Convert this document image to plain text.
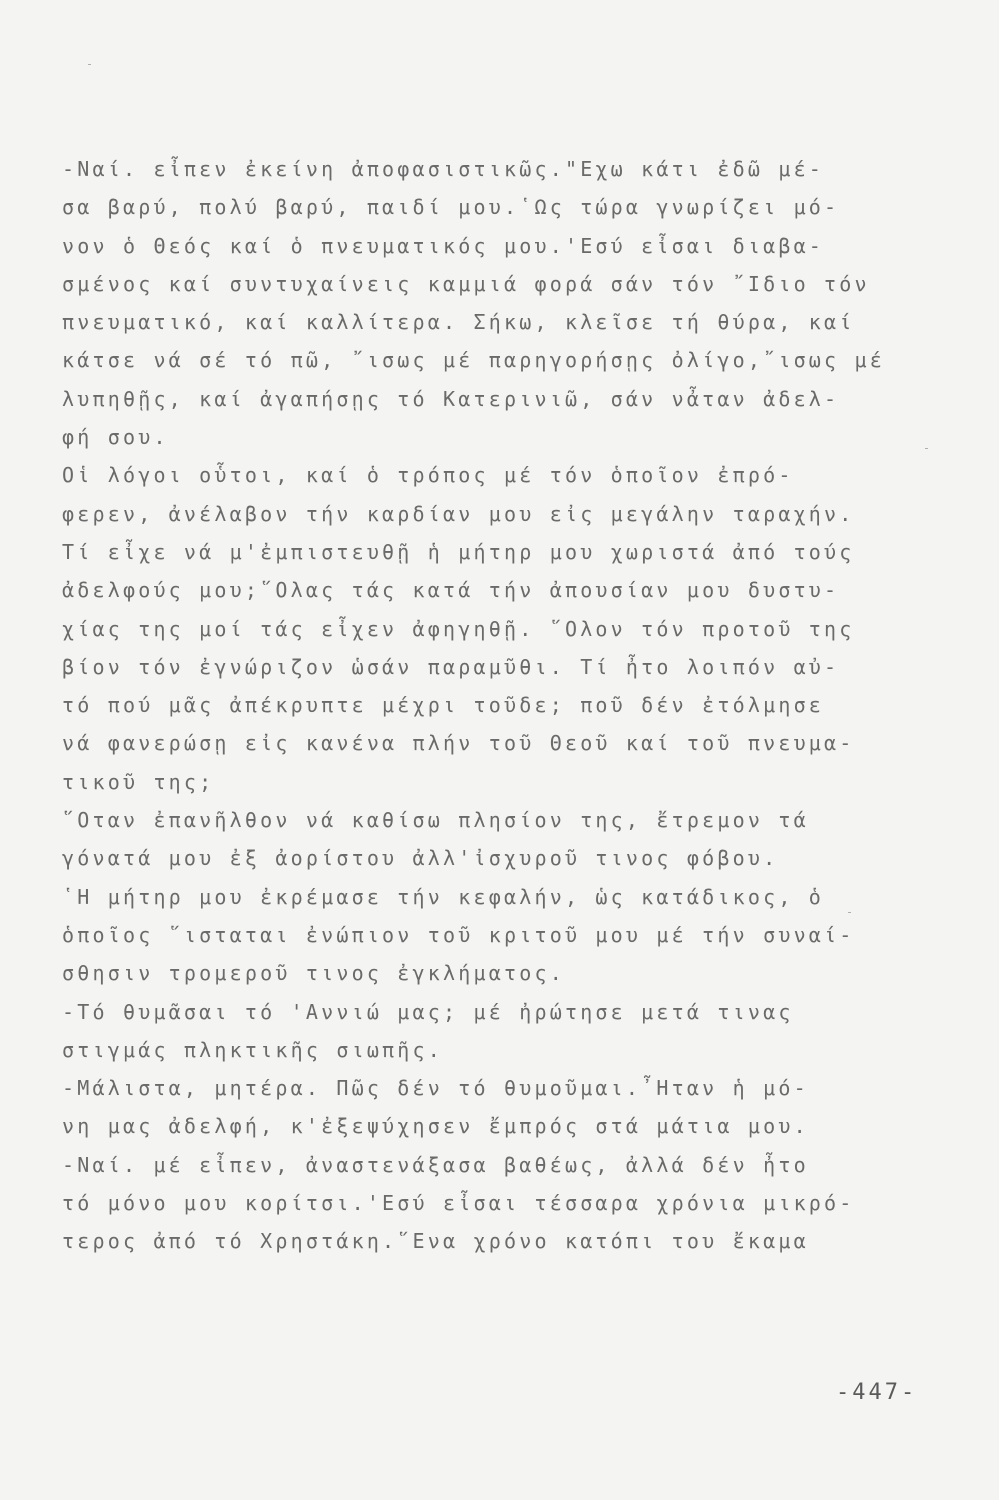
-Ναί. εἶπεν ἐκείνη ἀποφασιστικῶς."Εχω κάτι ἐδῶ μέ-
σα βαρύ, πολύ βαρύ, παιδί μου.῾Ως τώρα γνωρίζει μό-
νον ὁ Θεός καί ὁ πνευματικός μου.'Εσύ εἶσαι διαβα-
σμένος καί συντυχαίνεις καμμιά φορά σάν τόν ῎Ιδιο τόν
πνευματικό, καί καλλίτερα. Σήκω, κλεῖσε τή θύρα, καί
κάτσε νά σέ τό πῶ, ῎ισως μέ παρηγορήσῃς ὀλίγο,῎ισως μέ
λυπηθῇς, καί ἀγαπήσῃς τό Κατερινιῶ, σάν νἆταν ἀδελ-
φή σου.
Οἱ λόγοι οὗτοι, καί ὁ τρόπος μέ τόν ὁποῖον ἐπρό-
φερεν, ἀνέλαβον τήν καρδίαν μου εἰς μεγάλην ταραχήν.
Τί εἶχε νά μ'ἐμπιστευθῇ ἡ μήτηρ μου χωριστά ἀπό τούς
ἀδελφούς μου;῞Ολας τάς κατά τήν ἀπουσίαν μου δυστυ-
χίας της μοί τάς εἶχεν ἀφηγηθῇ. ῞Ολον τόν προτοῦ της
βίον τόν ἐγνώριζον ὡσάν παραμῦθι. Τί ἦτο λοιπόν αὐ-
τό πού μᾶς ἀπέκρυπτε μέχρι τοῦδε; ποῦ δέν ἐτόλμησε
νά φανερώσῃ εἰς κανένα πλήν τοῦ Θεοῦ καί τοῦ πνευμα-
τικοῦ της;
῞Οταν ἐπανῆλθον νά καθίσω πλησίον της, ἔτρεμον τά
γόνατά μου ἐξ ἀορίστου ἀλλ'ἰσχυροῦ τινος φόβου.
῾Η μήτηρ μου ἐκρέμασε τήν κεφαλήν, ὡς κατάδικος, ὁ
ὁποῖος ῞ισταται ἐνώπιον τοῦ κριτοῦ μου μέ τήν συναί-
σθησιν τρομεροῦ τινος ἐγκλήματος.
-Τό θυμᾶσαι τό 'Αννιώ μας; μέ ἠρώτησε μετά τινας
στιγμάς πληκτικῆς σιωπῆς.
-Μάλιστα, μητέρα. Πῶς δέν τό θυμοῦμαι.῏Ηταν ἡ μό-
νη μας ἀδελφή, κ'ἐξεψύχησεν ἔμπρός στά μάτια μου.
-Ναί. μέ εἶπεν, ἀναστενάξασα βαθέως, ἀλλά δέν ἦτο
τό μόνο μου κορίτσι.'Εσύ εἶσαι τέσσαρα χρόνια μικρό-
τερος ἀπό τό Χρηστάκη.῞Ενα χρόνο κατόπι του ἔκαμα
-447-
